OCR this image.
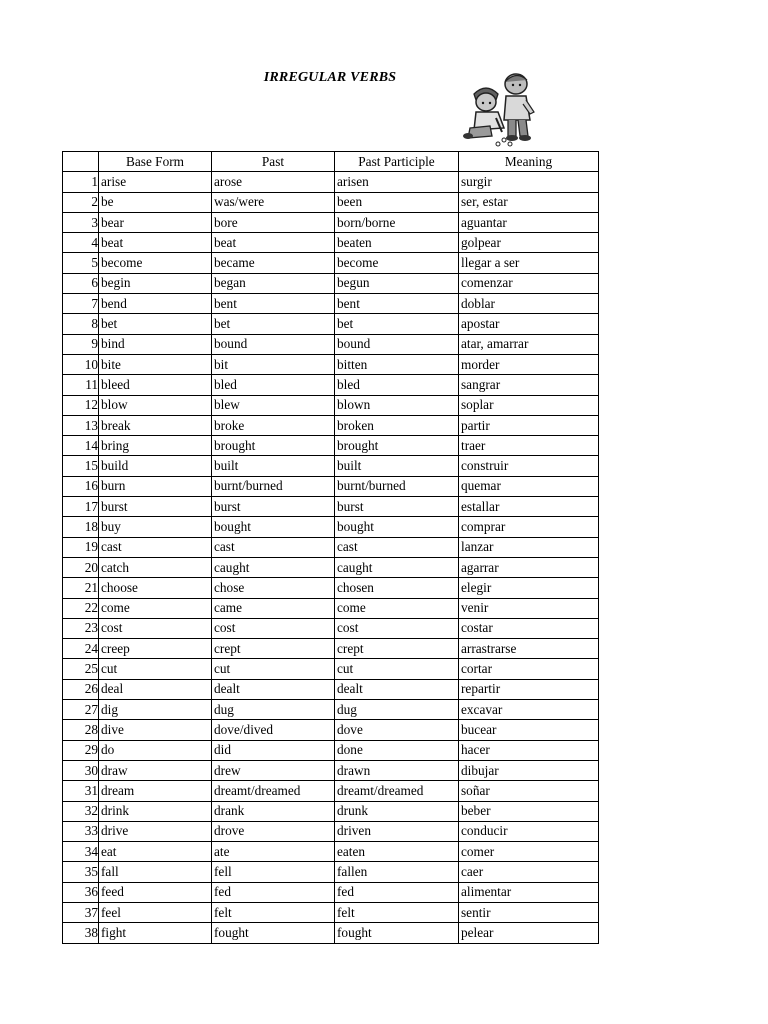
IRREGULAR VERBS
	Base Form	Past	Past Participle	Meaning
1	arise	arose	arisen	surgir
2	be	was/were	been	ser, estar
3	bear	bore	born/borne	aguantar
4	beat	beat	beaten	golpear
5	become	became	become	llegar a ser
6	begin	began	begun	comenzar
7	bend	bent	bent	doblar
8	bet	bet	bet	apostar
9	bind	bound	bound	atar, amarrar
10	bite	bit	bitten	morder
11	bleed	bled	bled	sangrar
12	blow	blew	blown	soplar
13	break	broke	broken	partir
14	bring	brought	brought	traer
15	build	built	built	construir
16	burn	burnt/burned	burnt/burned	quemar
17	burst	burst	burst	estallar
18	buy	bought	bought	comprar
19	cast	cast	cast	lanzar
20	catch	caught	caught	agarrar
21	choose	chose	chosen	elegir
22	come	came	come	venir
23	cost	cost	cost	costar
24	creep	crept	crept	arrastrarse
25	cut	cut	cut	cortar
26	deal	dealt	dealt	repartir
27	dig	dug	dug	excavar
28	dive	dove/dived	dove	bucear
29	do	did	done	hacer
30	draw	drew	drawn	dibujar
31	dream	dreamt/dreamed	dreamt/dreamed	soñar
32	drink	drank	drunk	beber
33	drive	drove	driven	conducir
34	eat	ate	eaten	comer
35	fall	fell	fallen	caer
36	feed	fed	fed	alimentar
37	feel	felt	felt	sentir
38	fight	fought	fought	pelear
